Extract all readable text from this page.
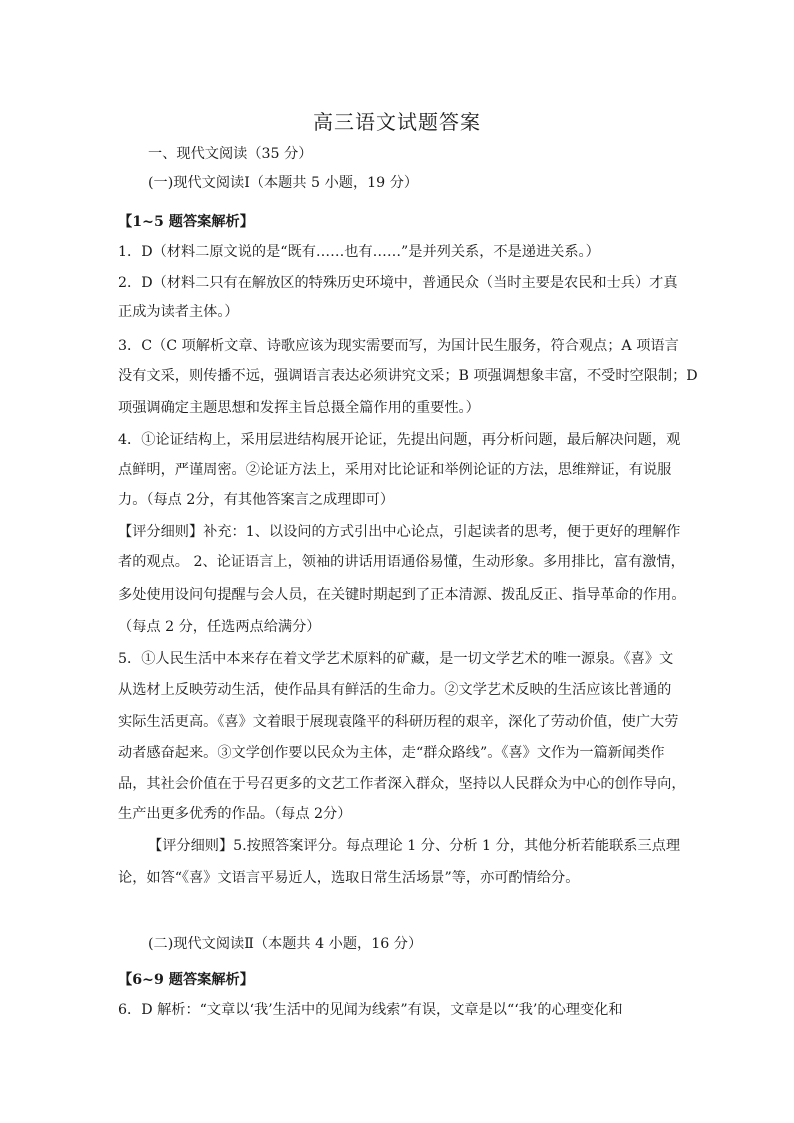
高三语文试题答案
一、现代文阅读（35 分）
(一)现代文阅读Ⅰ（本题共 5 小题，19 分）
【1~5 题答案解析】
1．D（材料二原文说的是“既有……也有……”是并列关系，不是递进关系。）
2．D（材料二只有在解放区的特殊历史环境中，普通民众（当时主要是农民和士兵）才真
正成为读者主体。）
3．C（C 项解析文章、诗歌应该为现实需要而写，为国计民生服务，符合观点；A 项语言
没有文采，则传播不远，强调语言表达必须讲究文采；B 项强调想象丰富，不受时空限制；D
项强调确定主题思想和发挥主旨总摄全篇作用的重要性。）
4．①论证结构上，采用层进结构展开论证，先提出问题，再分析问题，最后解决问题，观
点鲜明，严谨周密。②论证方法上，采用对比论证和举例论证的方法，思维辩证，有说服
力。（每点 2分，有其他答案言之成理即可）
【评分细则】补充：1、以设问的方式引出中心论点，引起读者的思考，便于更好的理解作
者的观点。 2、论证语言上，领袖的讲话用语通俗易懂，生动形象。多用排比，富有激情，
多处使用设问句提醒与会人员，在关键时期起到了正本清源、拨乱反正、指导革命的作用。
（每点 2 分，任选两点给满分）
5．①人民生活中本来存在着文学艺术原料的矿藏，是一切文学艺术的唯一源泉。《喜》文
从选材上反映劳动生活，使作品具有鲜活的生命力。②文学艺术反映的生活应该比普通的
实际生活更高。《喜》文着眼于展现袁隆平的科研历程的艰辛，深化了劳动价值，使广大劳
动者感奋起来。③文学创作要以民众为主体，走“群众路线”。《喜》文作为一篇新闻类作
品，其社会价值在于号召更多的文艺工作者深入群众，坚持以人民群众为中心的创作导向，
生产出更多优秀的作品。（每点 2分）
【评分细则】5.按照答案评分。每点理论 1 分、分析 1 分，其他分析若能联系三点理
论，如答“《喜》文语言平易近人，选取日常生活场景”等，亦可酌情给分。
(二)现代文阅读Ⅱ（本题共 4 小题，16 分）
【6~9 题答案解析】
6．D 解析：“文章以‘我’生活中的见闻为线索”有误，文章是以“‘我’的心理变化和
